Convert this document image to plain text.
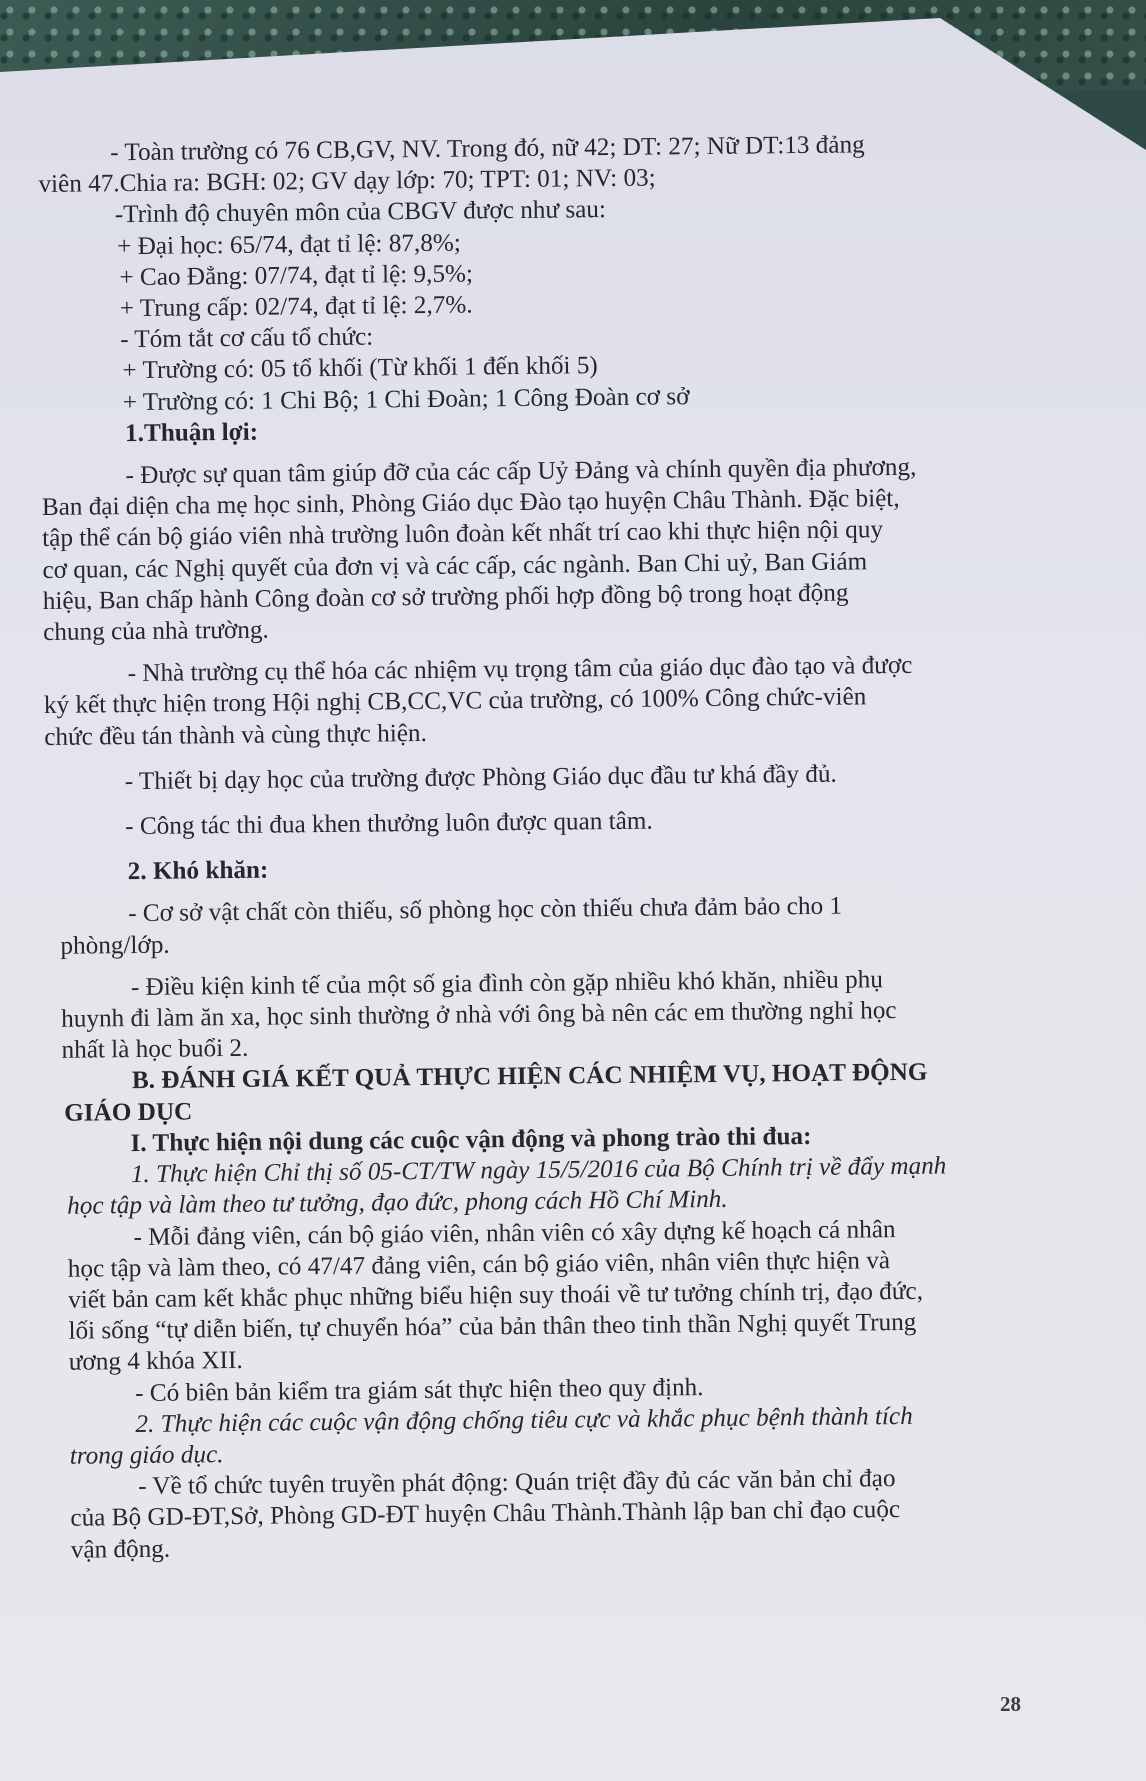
- Toàn trường có 76 CB,GV, NV. Trong đó, nữ 42; DT: 27; Nữ DT:13 đảng

viên 47.Chia ra: BGH: 02; GV dạy lớp: 70; TPT: 01; NV: 03;

-Trình độ chuyên môn của CBGV được như sau:

+ Đại học: 65/74, đạt tỉ lệ: 87,8%;

+ Cao Đẳng: 07/74, đạt tỉ lệ: 9,5%;

+ Trung cấp: 02/74, đạt tỉ lệ: 2,7%.

- Tóm tắt cơ cấu tổ chức:

+ Trường có: 05 tổ khối (Từ khối 1 đến khối 5)

+ Trường có: 1 Chi Bộ; 1 Chi Đoàn; 1 Công Đoàn cơ sở

1.Thuận lợi:

- Được sự quan tâm giúp đỡ của các cấp Uỷ Đảng và chính quyền địa phương,

Ban đại diện cha mẹ học sinh, Phòng Giáo dục Đào tạo huyện Châu Thành. Đặc biệt,

tập thể cán bộ giáo viên nhà trường luôn đoàn kết nhất trí cao khi thực hiện nội quy

cơ quan, các Nghị quyết của đơn vị và các cấp, các ngành. Ban Chi uỷ, Ban Giám

hiệu, Ban chấp hành Công đoàn cơ sở trường phối hợp đồng bộ trong hoạt động

chung của nhà trường.

- Nhà trường cụ thể hóa các nhiệm vụ trọng tâm của giáo dục đào tạo và được

ký kết thực hiện trong Hội nghị CB,CC,VC của trường, có 100% Công chức-viên

chức đều tán thành và cùng thực hiện.

- Thiết bị dạy học của trường được Phòng Giáo dục đầu tư khá đầy đủ.

- Công tác thi đua khen thưởng luôn được quan tâm.

2. Khó khăn:

- Cơ sở vật chất còn thiếu, số phòng học còn thiếu chưa đảm bảo cho 1

phòng/lớp.

- Điều kiện kinh tế của một số gia đình còn gặp nhiều khó khăn, nhiều phụ

huynh đi làm ăn xa, học sinh thường ở nhà với ông bà nên các em thường nghỉ học

nhất là học buổi 2.

B. ĐÁNH GIÁ KẾT QUẢ THỰC HIỆN CÁC NHIỆM VỤ, HOẠT ĐỘNG

GIÁO DỤC

I. Thực hiện nội dung các cuộc vận động và phong trào thi đua:

1. Thực hiện Chỉ thị số 05-CT/TW ngày 15/5/2016 của Bộ Chính trị về đẩy mạnh

học tập và làm theo tư tưởng, đạo đức, phong cách Hồ Chí Minh.

- Mỗi đảng viên, cán bộ giáo viên, nhân viên có xây dựng kế hoạch cá nhân

học tập và làm theo, có 47/47 đảng viên, cán bộ giáo viên, nhân viên thực hiện và

viết bản cam kết khắc phục những biểu hiện suy thoái về tư tưởng chính trị, đạo đức,

lối sống “tự diễn biến, tự chuyển hóa” của bản thân theo tinh thần Nghị quyết Trung

ương 4 khóa XII.

- Có biên bản kiểm tra giám sát thực hiện theo quy định.

2. Thực hiện các cuộc vận động chống tiêu cực và khắc phục bệnh thành tích

trong giáo dục.

- Về tổ chức tuyên truyền phát động: Quán triệt đầy đủ các văn bản chỉ đạo

của Bộ GD-ĐT,Sở, Phòng GD-ĐT huyện Châu Thành.Thành lập ban chỉ đạo cuộc

vận động.

28
